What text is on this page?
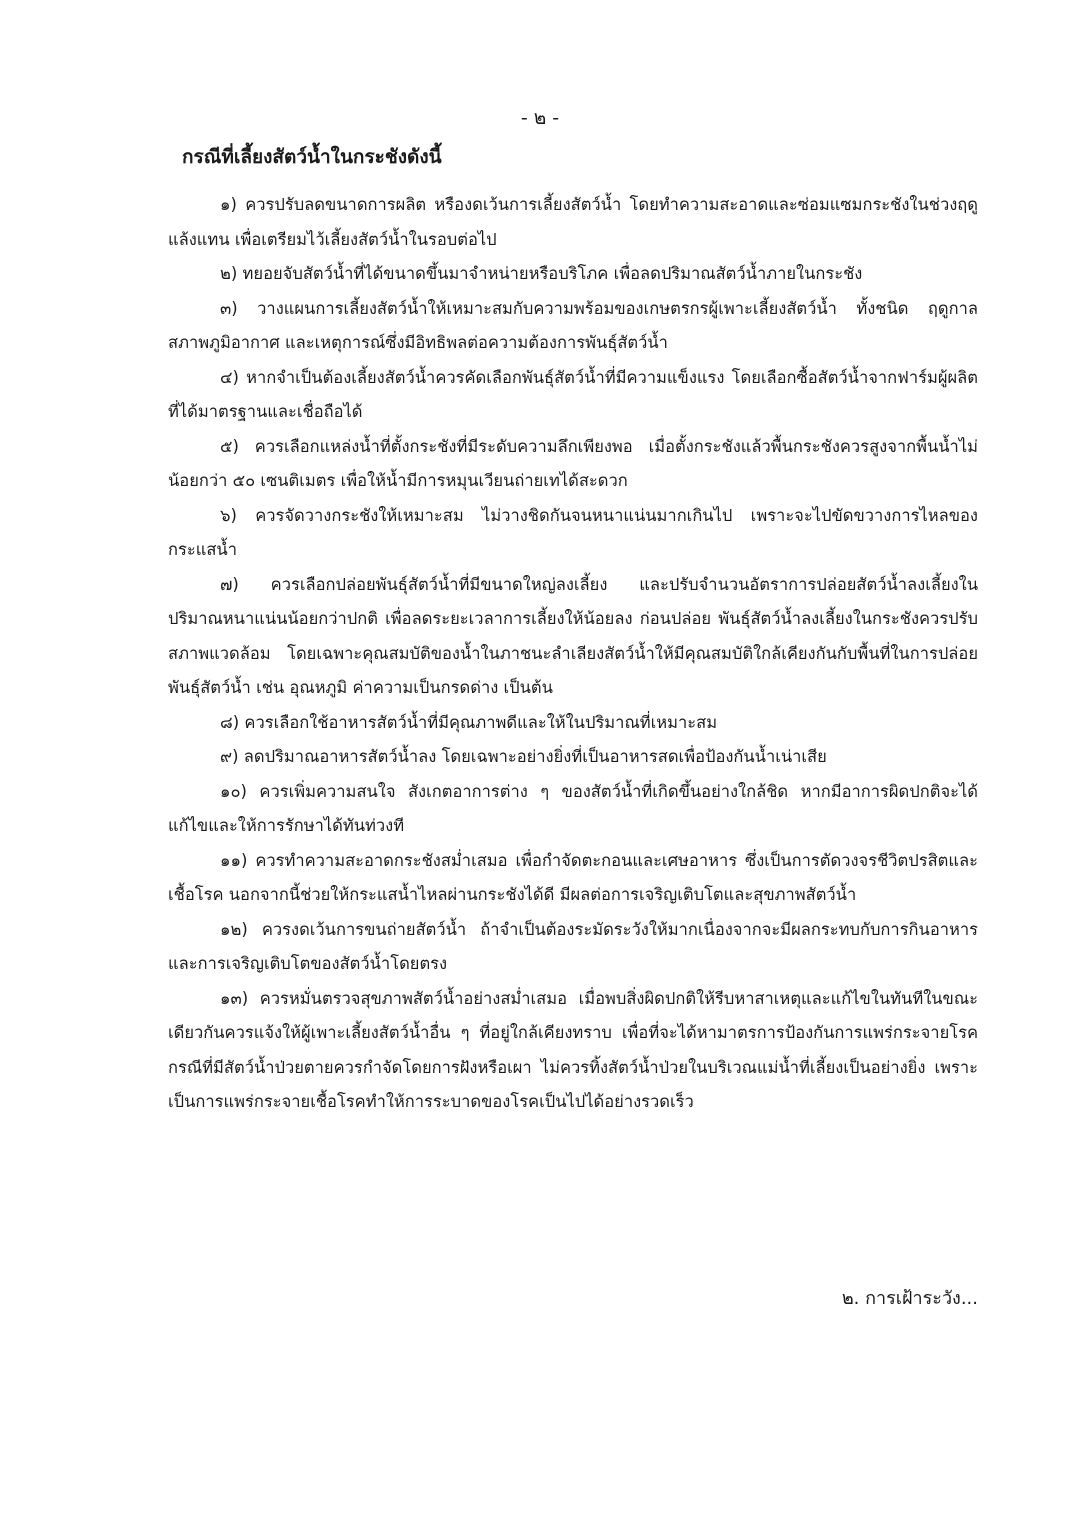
- ๒ -
กรณีที่เลี้ยงสัตว์น้ำในกระชังดังนี้

๑) ควรปรับลดขนาดการผลิต หรืองดเว้นการเลี้ยงสัตว์น้ำ โดยทำความสะอาดและซ่อมแซมกระชังในช่วงฤดูแล้งแทน เพื่อเตรียมไว้เลี้ยงสัตว์น้ำในรอบต่อไป

๒) ทยอยจับสัตว์น้ำที่ได้ขนาดขึ้นมาจำหน่ายหรือบริโภค เพื่อลดปริมาณสัตว์น้ำภายในกระชัง

๓) วางแผนการเลี้ยงสัตว์น้ำให้เหมาะสมกับความพร้อมของเกษตรกรผู้เพาะเลี้ยงสัตว์น้ำ ทั้งชนิด ฤดูกาล สภาพภูมิอากาศ และเหตุการณ์ซึ่งมีอิทธิพลต่อความต้องการพันธุ์สัตว์น้ำ

๔) หากจำเป็นต้องเลี้ยงสัตว์น้ำควรคัดเลือกพันธุ์สัตว์น้ำที่มีความแข็งแรง โดยเลือกซื้อสัตว์น้ำจากฟาร์มผู้ผลิตที่ได้มาตรฐานและเชื่อถือได้

๕) ควรเลือกแหล่งน้ำที่ตั้งกระชังที่มีระดับความลึกเพียงพอ เมื่อตั้งกระชังแล้วพื้นกระชังควรสูงจากพื้นน้ำไม่น้อยกว่า ๕๐ เซนติเมตร เพื่อให้น้ำมีการหมุนเวียนถ่ายเทได้สะดวก

๖) ควรจัดวางกระชังให้เหมาะสม ไม่วางชิดกันจนหนาแน่นมากเกินไป เพราะจะไปขัดขวางการไหลของกระแสน้ำ

๗) ควรเลือกปล่อยพันธุ์สัตว์น้ำที่มีขนาดใหญ่ลงเลี้ยง และปรับจำนวนอัตราการปล่อยสัตว์น้ำลงเลี้ยงในปริมาณหนาแน่นน้อยกว่าปกติ เพื่อลดระยะเวลาการเลี้ยงให้น้อยลง ก่อนปล่อย พันธุ์สัตว์น้ำลงเลี้ยงในกระชังควรปรับสภาพแวดล้อม โดยเฉพาะคุณสมบัติของน้ำในภาชนะลำเลียงสัตว์น้ำให้มีคุณสมบัติใกล้เคียงกันกับพื้นที่ในการปล่อยพันธุ์สัตว์น้ำ เช่น อุณหภูมิ ค่าความเป็นกรดด่าง เป็นต้น

๘) ควรเลือกใช้อาหารสัตว์น้ำที่มีคุณภาพดีและให้ในปริมาณที่เหมาะสม

๙) ลดปริมาณอาหารสัตว์น้ำลง โดยเฉพาะอย่างยิ่งที่เป็นอาหารสดเพื่อป้องกันน้ำเน่าเสีย

๑๐) ควรเพิ่มความสนใจ สังเกตอาการต่าง ๆ ของสัตว์น้ำที่เกิดขึ้นอย่างใกล้ชิด หากมีอาการผิดปกติจะได้แก้ไขและให้การรักษาได้ทันท่วงที

๑๑) ควรทำความสะอาดกระชังสม่ำเสมอ เพื่อกำจัดตะกอนและเศษอาหาร ซึ่งเป็นการตัดวงจรชีวิตปรสิตและเชื้อโรค นอกจากนี้ช่วยให้กระแสน้ำไหลผ่านกระชังได้ดี มีผลต่อการเจริญเติบโตและสุขภาพสัตว์น้ำ

๑๒) ควรงดเว้นการขนถ่ายสัตว์น้ำ ถ้าจำเป็นต้องระมัดระวังให้มากเนื่องจากจะมีผลกระทบกับการกินอาหารและการเจริญเติบโตของสัตว์น้ำโดยตรง

๑๓) ควรหมั่นตรวจสุขภาพสัตว์น้ำอย่างสม่ำเสมอ เมื่อพบสิ่งผิดปกติให้รีบหาสาเหตุและแก้ไขในทันทีในขณะเดียวกันควรแจ้งให้ผู้เพาะเลี้ยงสัตว์น้ำอื่น ๆ ที่อยู่ใกล้เคียงทราบ เพื่อที่จะได้หามาตรการป้องกันการแพร่กระจายโรค กรณีที่มีสัตว์น้ำป่วยตายควรกำจัดโดยการฝังหรือเผา ไม่ควรทิ้งสัตว์น้ำป่วยในบริเวณแม่น้ำที่เลี้ยงเป็นอย่างยิ่ง เพราะเป็นการแพร่กระจายเชื้อโรคทำให้การระบาดของโรคเป็นไปได้อย่างรวดเร็ว

๒. การเฝ้าระวัง...
